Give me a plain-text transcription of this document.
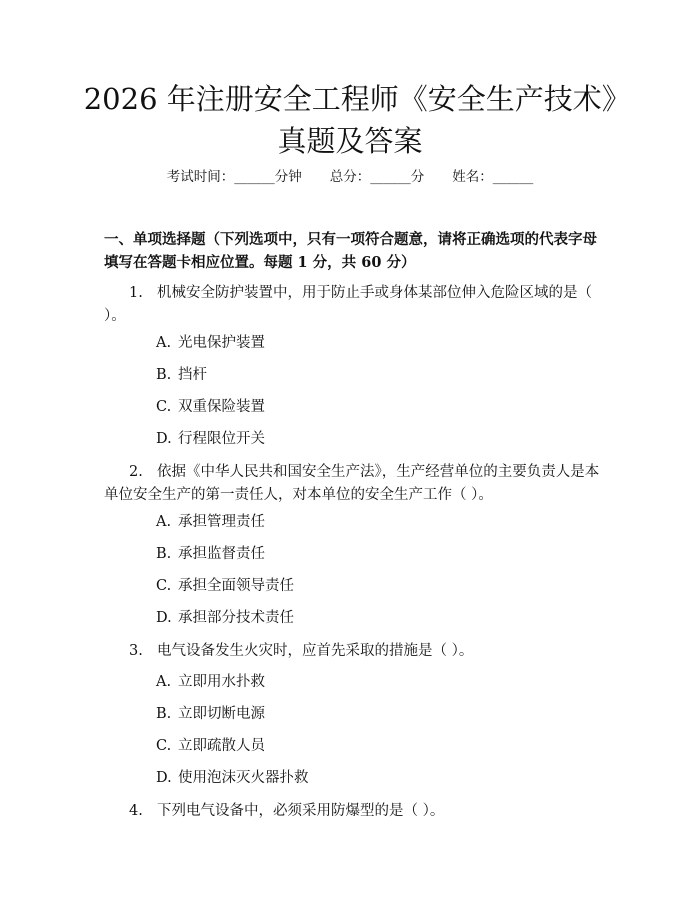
2026 年注册安全工程师《安全生产技术》真题及答案
考试时间：______分钟 总分：______分 姓名：______

一、单项选择题（下列选项中，只有一项符合题意，请将正确选项的代表字母填写在答题卡相应位置。每题 1 分，共 60 分）

1. 机械安全防护装置中，用于防止手或身体某部位伸入危险区域的是（ ）。

A. 光电保护装置
B. 挡杆
C. 双重保险装置
D. 行程限位开关

2. 依据《中华人民共和国安全生产法》，生产经营单位的主要负责人是本单位安全生产的第一责任人，对本单位的安全生产工作（ ）。

A. 承担管理责任
B. 承担监督责任
C. 承担全面领导责任
D. 承担部分技术责任

3. 电气设备发生火灾时，应首先采取的措施是（ ）。

A. 立即用水扑救
B. 立即切断电源
C. 立即疏散人员
D. 使用泡沫灭火器扑救

4. 下列电气设备中，必须采用防爆型的是（ ）。
